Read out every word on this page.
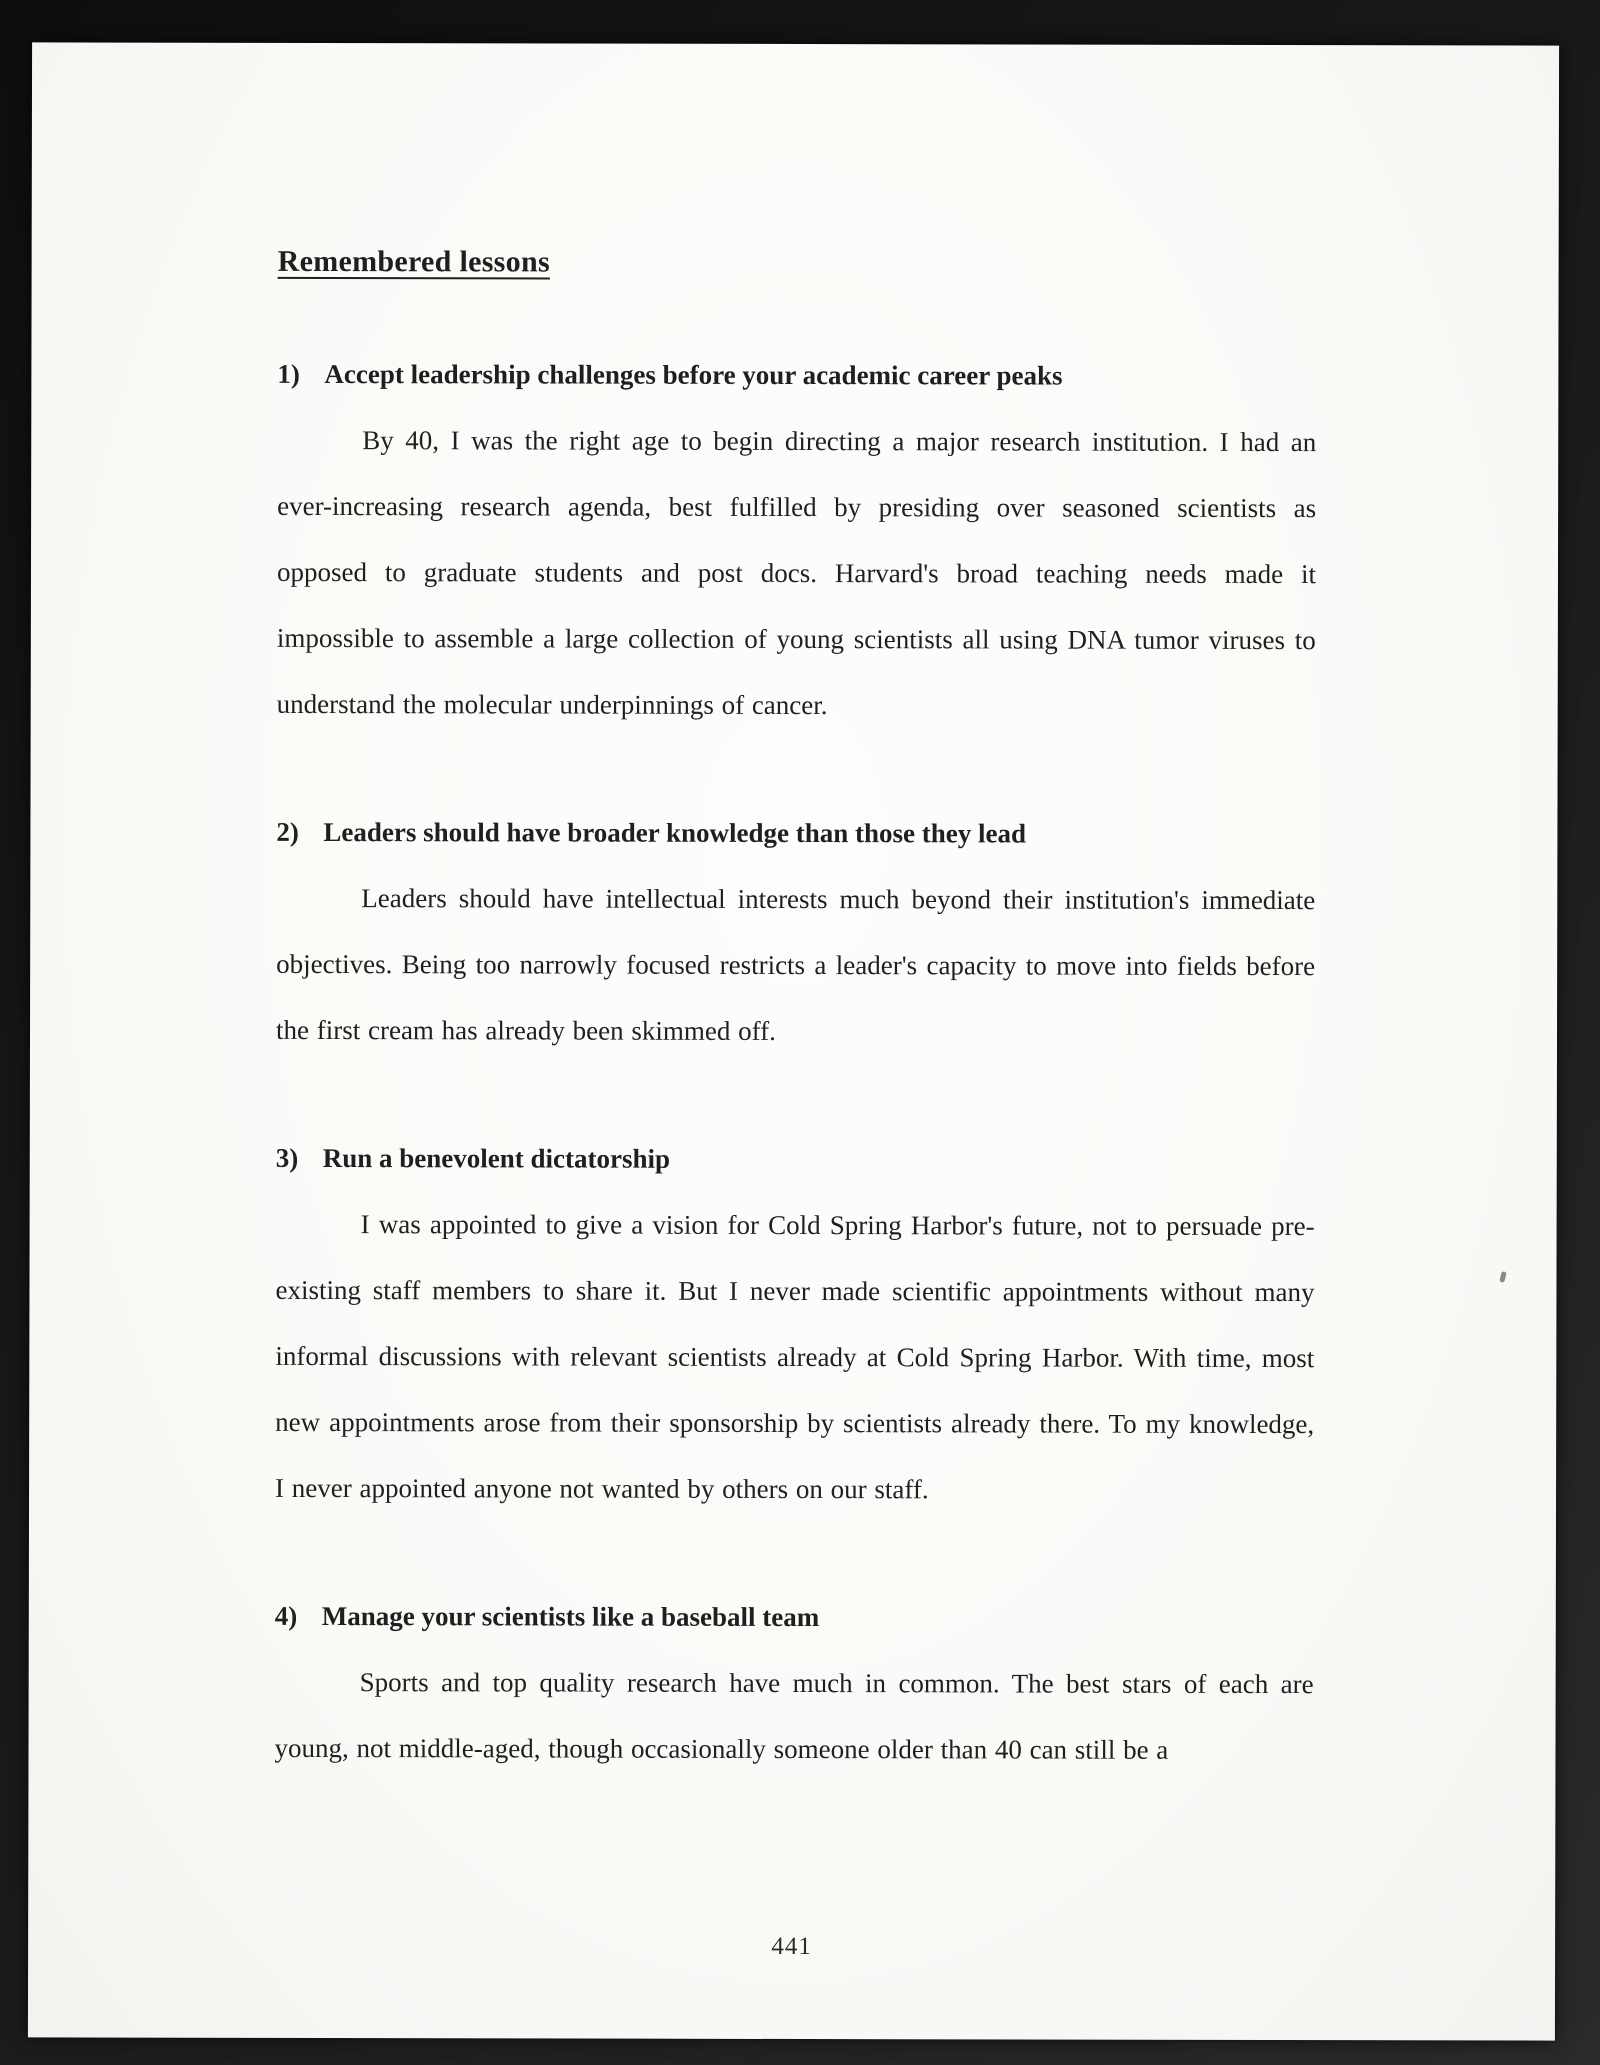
Remembered lessons

1) Accept leadership challenges before your academic career peaks

By 40, I was the right age to begin directing a major research institution. I had an ever-increasing research agenda, best fulfilled by presiding over seasoned scientists as opposed to graduate students and post docs. Harvard's broad teaching needs made it impossible to assemble a large collection of young scientists all using DNA tumor viruses to understand the molecular underpinnings of cancer.

2) Leaders should have broader knowledge than those they lead

Leaders should have intellectual interests much beyond their institution's immediate objectives. Being too narrowly focused restricts a leader's capacity to move into fields before the first cream has already been skimmed off.

3) Run a benevolent dictatorship

I was appointed to give a vision for Cold Spring Harbor's future, not to persuade pre-existing staff members to share it. But I never made scientific appointments without many informal discussions with relevant scientists already at Cold Spring Harbor. With time, most new appointments arose from their sponsorship by scientists already there. To my knowledge, I never appointed anyone not wanted by others on our staff.

4) Manage your scientists like a baseball team

Sports and top quality research have much in common. The best stars of each are young, not middle-aged, though occasionally someone older than 40 can still be a

441
